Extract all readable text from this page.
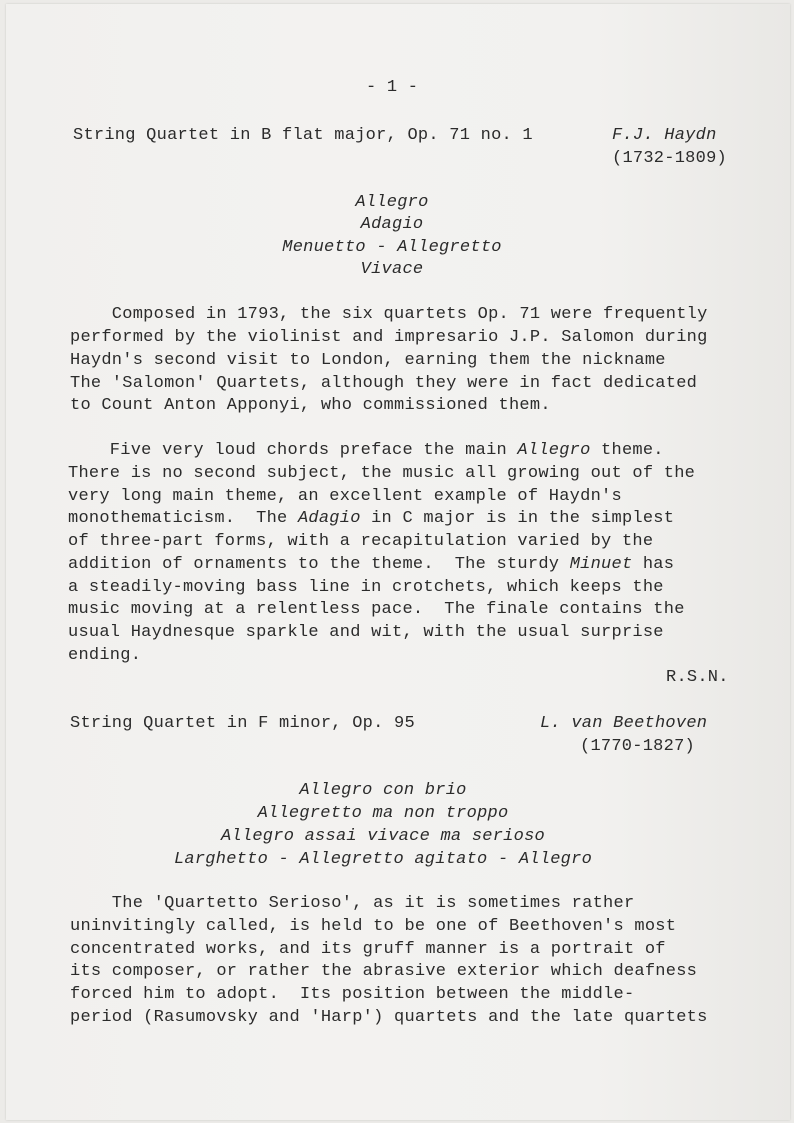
- 1 -

String Quartet in B flat major, Op. 71 no. 1	F.J. Haydn

(1732-1809)

Allegro

Adagio

Menuetto - Allegretto

Vivace

Composed in 1793, the six quartets Op. 71 were frequently

performed by the violinist and impresario J.P. Salomon during

Haydn's second visit to London, earning them the nickname

The 'Salomon' Quartets, although they were in fact dedicated

to Count Anton Apponyi, who commissioned them.

Five very loud chords preface the main Allegro theme.

There is no second subject, the music all growing out of the

very long main theme, an excellent example of Haydn's

monothematicism.  The Adagio in C major is in the simplest

of three-part forms, with a recapitulation varied by the

addition of ornaments to the theme.  The sturdy Minuet has

a steadily-moving bass line in crotchets, which keeps the

music moving at a relentless pace.  The finale contains the

usual Haydnesque sparkle and wit, with the usual surprise

ending.

R.S.N.

String Quartet in F minor, Op. 95	L. van Beethoven

(1770-1827)

Allegro con brio

Allegretto ma non troppo

Allegro assai vivace ma serioso

Larghetto - Allegretto agitato - Allegro

The 'Quartetto Serioso', as it is sometimes rather

uninvitingly called, is held to be one of Beethoven's most

concentrated works, and its gruff manner is a portrait of

its composer, or rather the abrasive exterior which deafness

forced him to adopt.  Its position between the middle-

period (Rasumovsky and 'Harp') quartets and the late quartets
